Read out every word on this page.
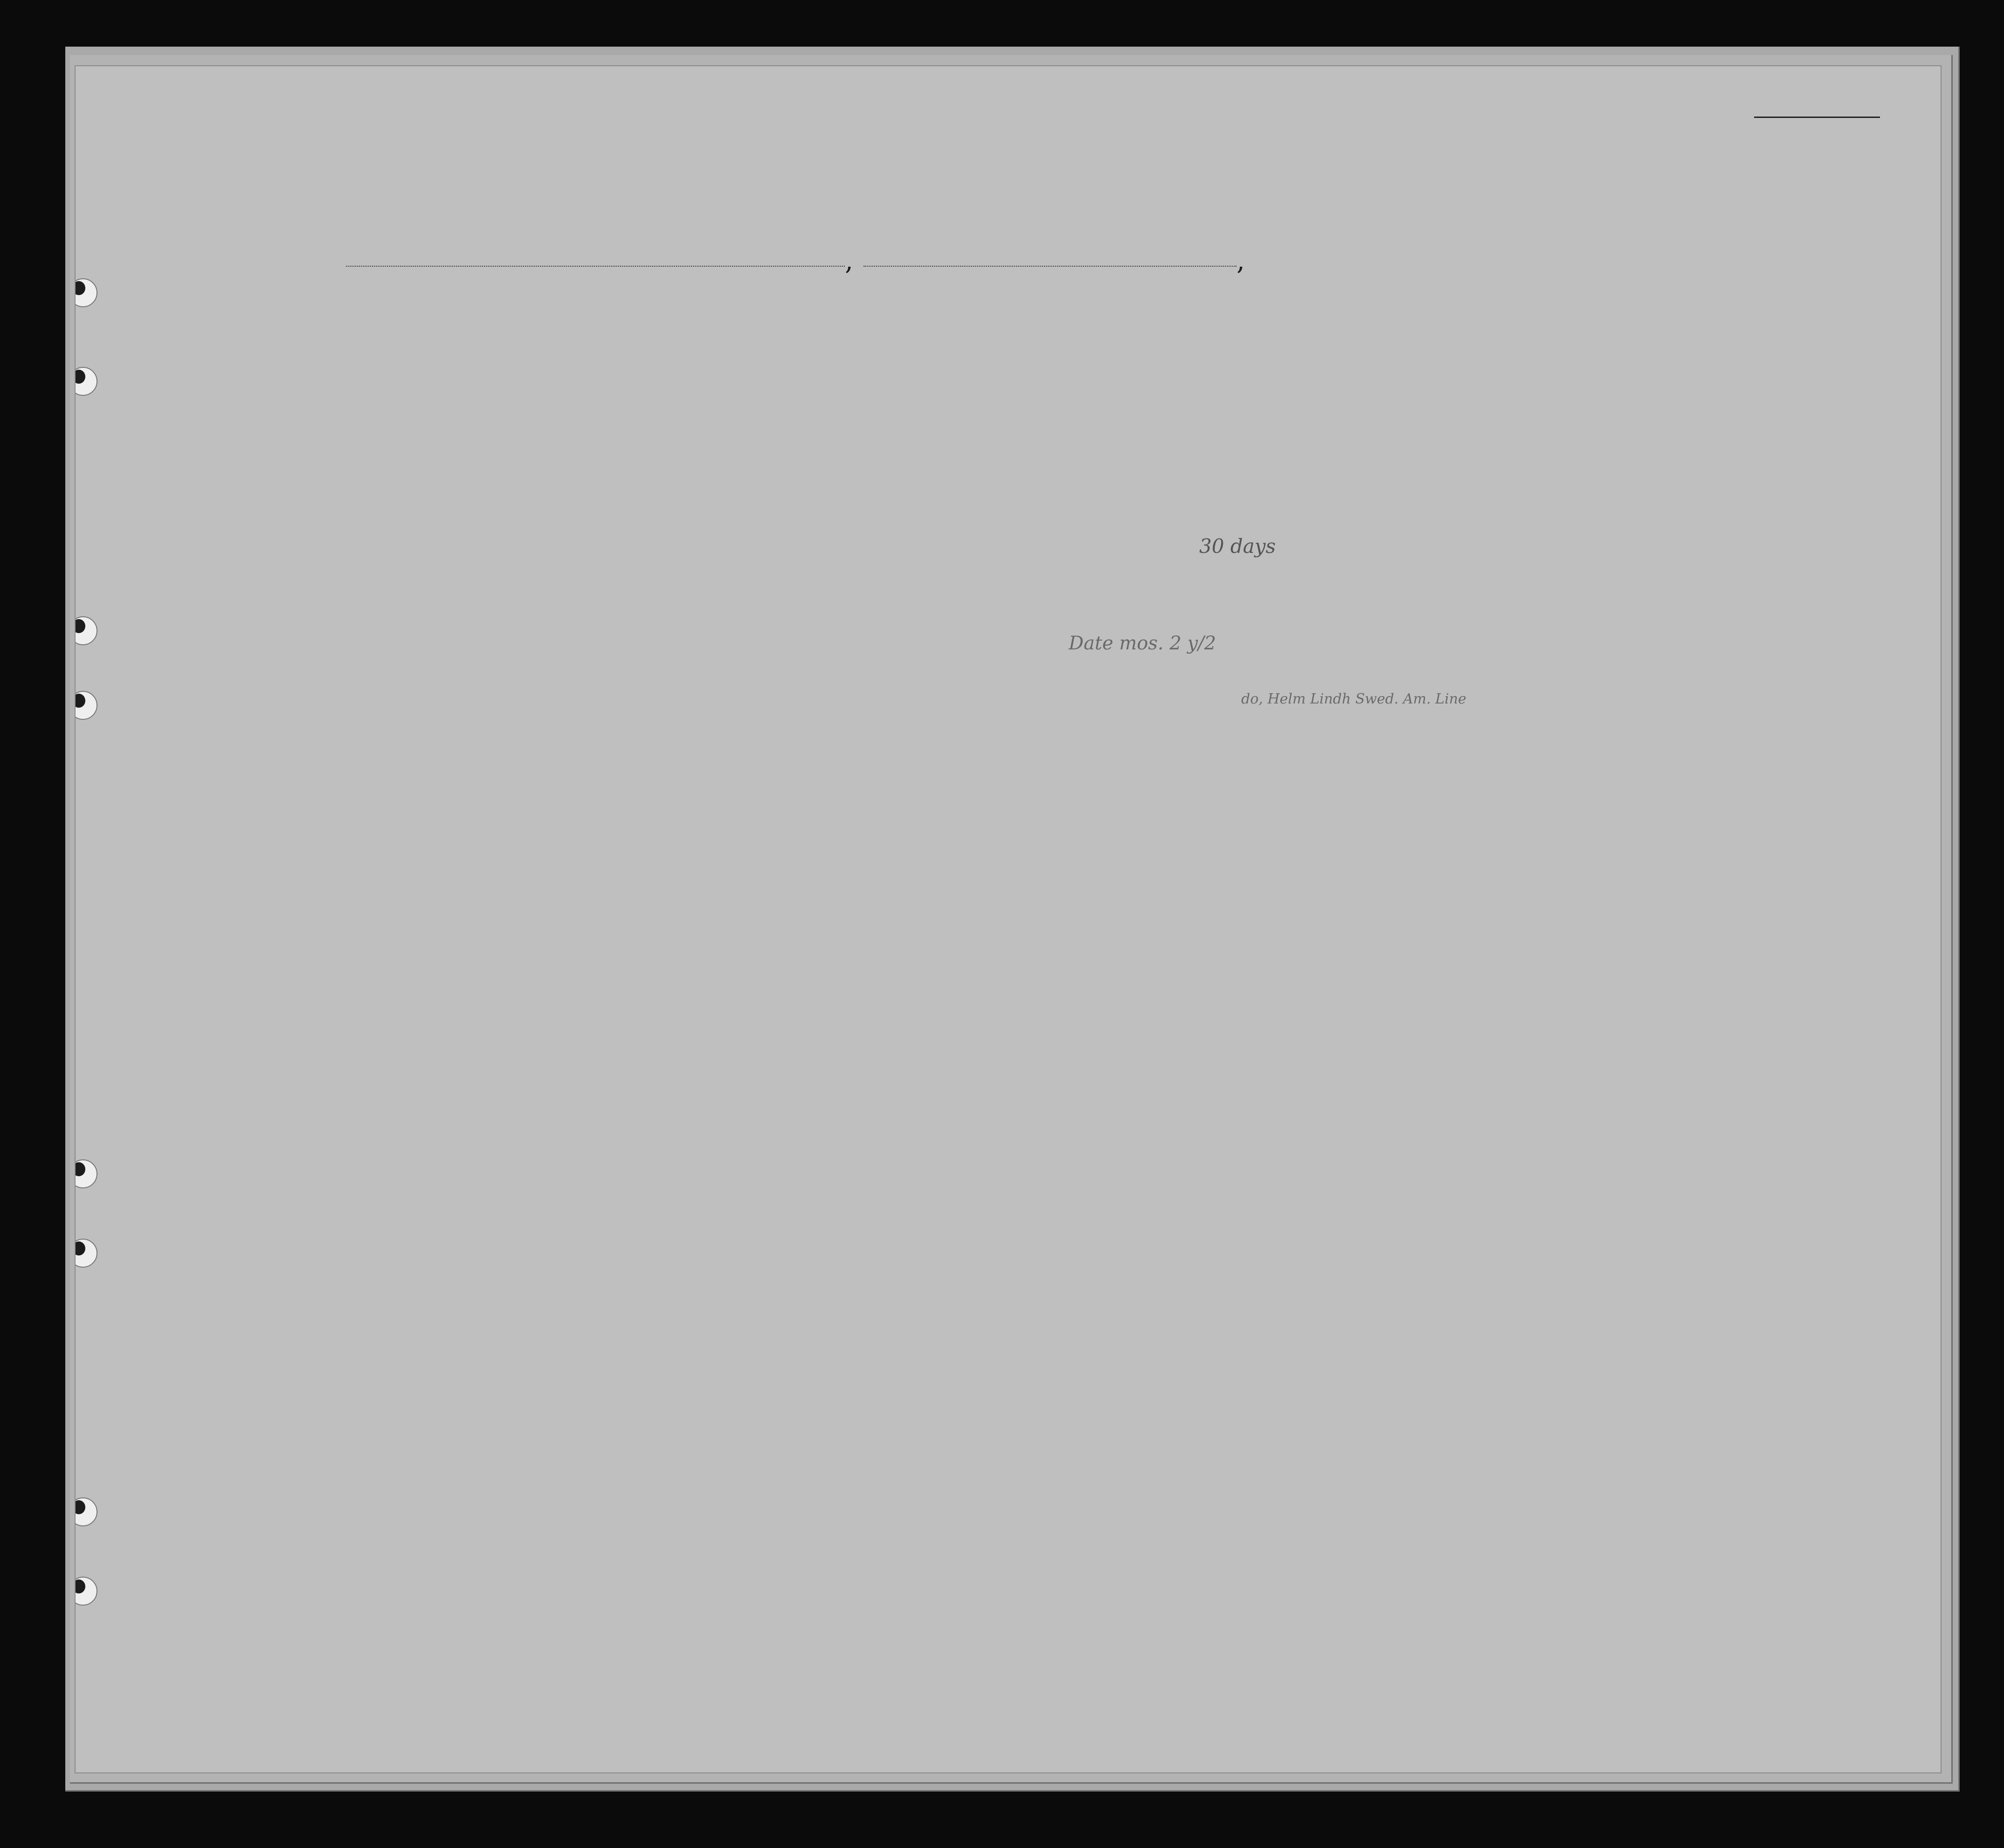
,	,
30 days
Date mos. 2 y/2
do, Helm Lindh Swed. Am. Line
